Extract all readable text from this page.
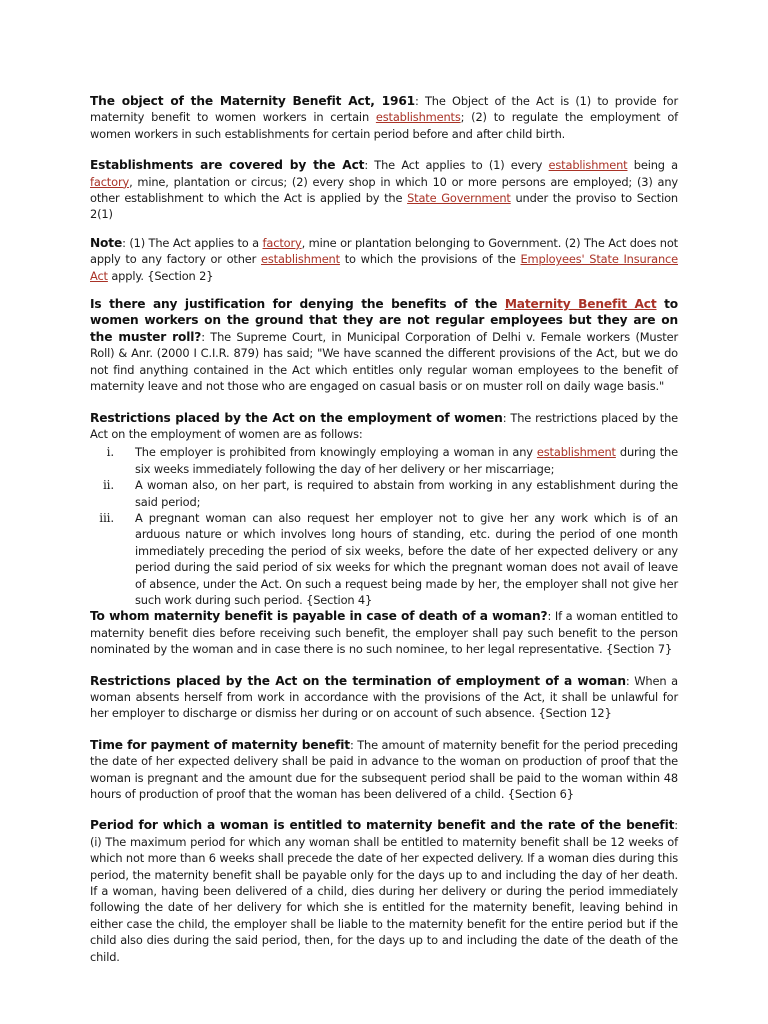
The object of the Maternity Benefit Act, 1961: The Object of the Act is (1) to provide for maternity benefit to women workers in certain establishments; (2) to regulate the employment of women workers in such establishments for certain period before and after child birth.

Establishments are covered by the Act: The Act applies to (1) every establishment being a factory, mine, plantation or circus; (2) every shop in which 10 or more persons are employed; (3) any other establishment to which the Act is applied by the State Government under the proviso to Section 2(1)

Note: (1) The Act applies to a factory, mine or plantation belonging to Government. (2) The Act does not apply to any factory or other establishment to which the provisions of the Employees' State Insurance Act apply. {Section 2}

Is there any justification for denying the benefits of the Maternity Benefit Act to women workers on the ground that they are not regular employees but they are on the muster roll?: The Supreme Court, in Municipal Corporation of Delhi v. Female workers (Muster Roll) & Anr. (2000 I C.I.R. 879) has said; "We have scanned the different provisions of the Act, but we do not find anything contained in the Act which entitles only regular woman employees to the benefit of maternity leave and not those who are engaged on casual basis or on muster roll on daily wage basis."

Restrictions placed by the Act on the employment of women: The restrictions placed by the Act on the employment of women are as follows:

i. The employer is prohibited from knowingly employing a woman in any establishment during the six weeks immediately following the day of her delivery or her miscarriage;
ii. A woman also, on her part, is required to abstain from working in any establishment during the said period;
iii. A pregnant woman can also request her employer not to give her any work which is of an arduous nature or which involves long hours of standing, etc. during the period of one month immediately preceding the period of six weeks, before the date of her expected delivery or any period during the said period of six weeks for which the pregnant woman does not avail of leave of absence, under the Act. On such a request being made by her, the employer shall not give her such work during such period. {Section 4}

To whom maternity benefit is payable in case of death of a woman?: If a woman entitled to maternity benefit dies before receiving such benefit, the employer shall pay such benefit to the person nominated by the woman and in case there is no such nominee, to her legal representative. {Section 7}

Restrictions placed by the Act on the termination of employment of a woman: When a woman absents herself from work in accordance with the provisions of the Act, it shall be unlawful for her employer to discharge or dismiss her during or on account of such absence. {Section 12}

Time for payment of maternity benefit: The amount of maternity benefit for the period preceding the date of her expected delivery shall be paid in advance to the woman on production of proof that the woman is pregnant and the amount due for the subsequent period shall be paid to the woman within 48 hours of production of proof that the woman has been delivered of a child. {Section 6}

Period for which a woman is entitled to maternity benefit and the rate of the benefit: (i) The maximum period for which any woman shall be entitled to maternity benefit shall be 12 weeks of which not more than 6 weeks shall precede the date of her expected delivery. If a woman dies during this period, the maternity benefit shall be payable only for the days up to and including the day of her death. If a woman, having been delivered of a child, dies during her delivery or during the period immediately following the date of her delivery for which she is entitled for the maternity benefit, leaving behind in either case the child, the employer shall be liable to the maternity benefit for the entire period but if the child also dies during the said period, then, for the days up to and including the date of the death of the child.
